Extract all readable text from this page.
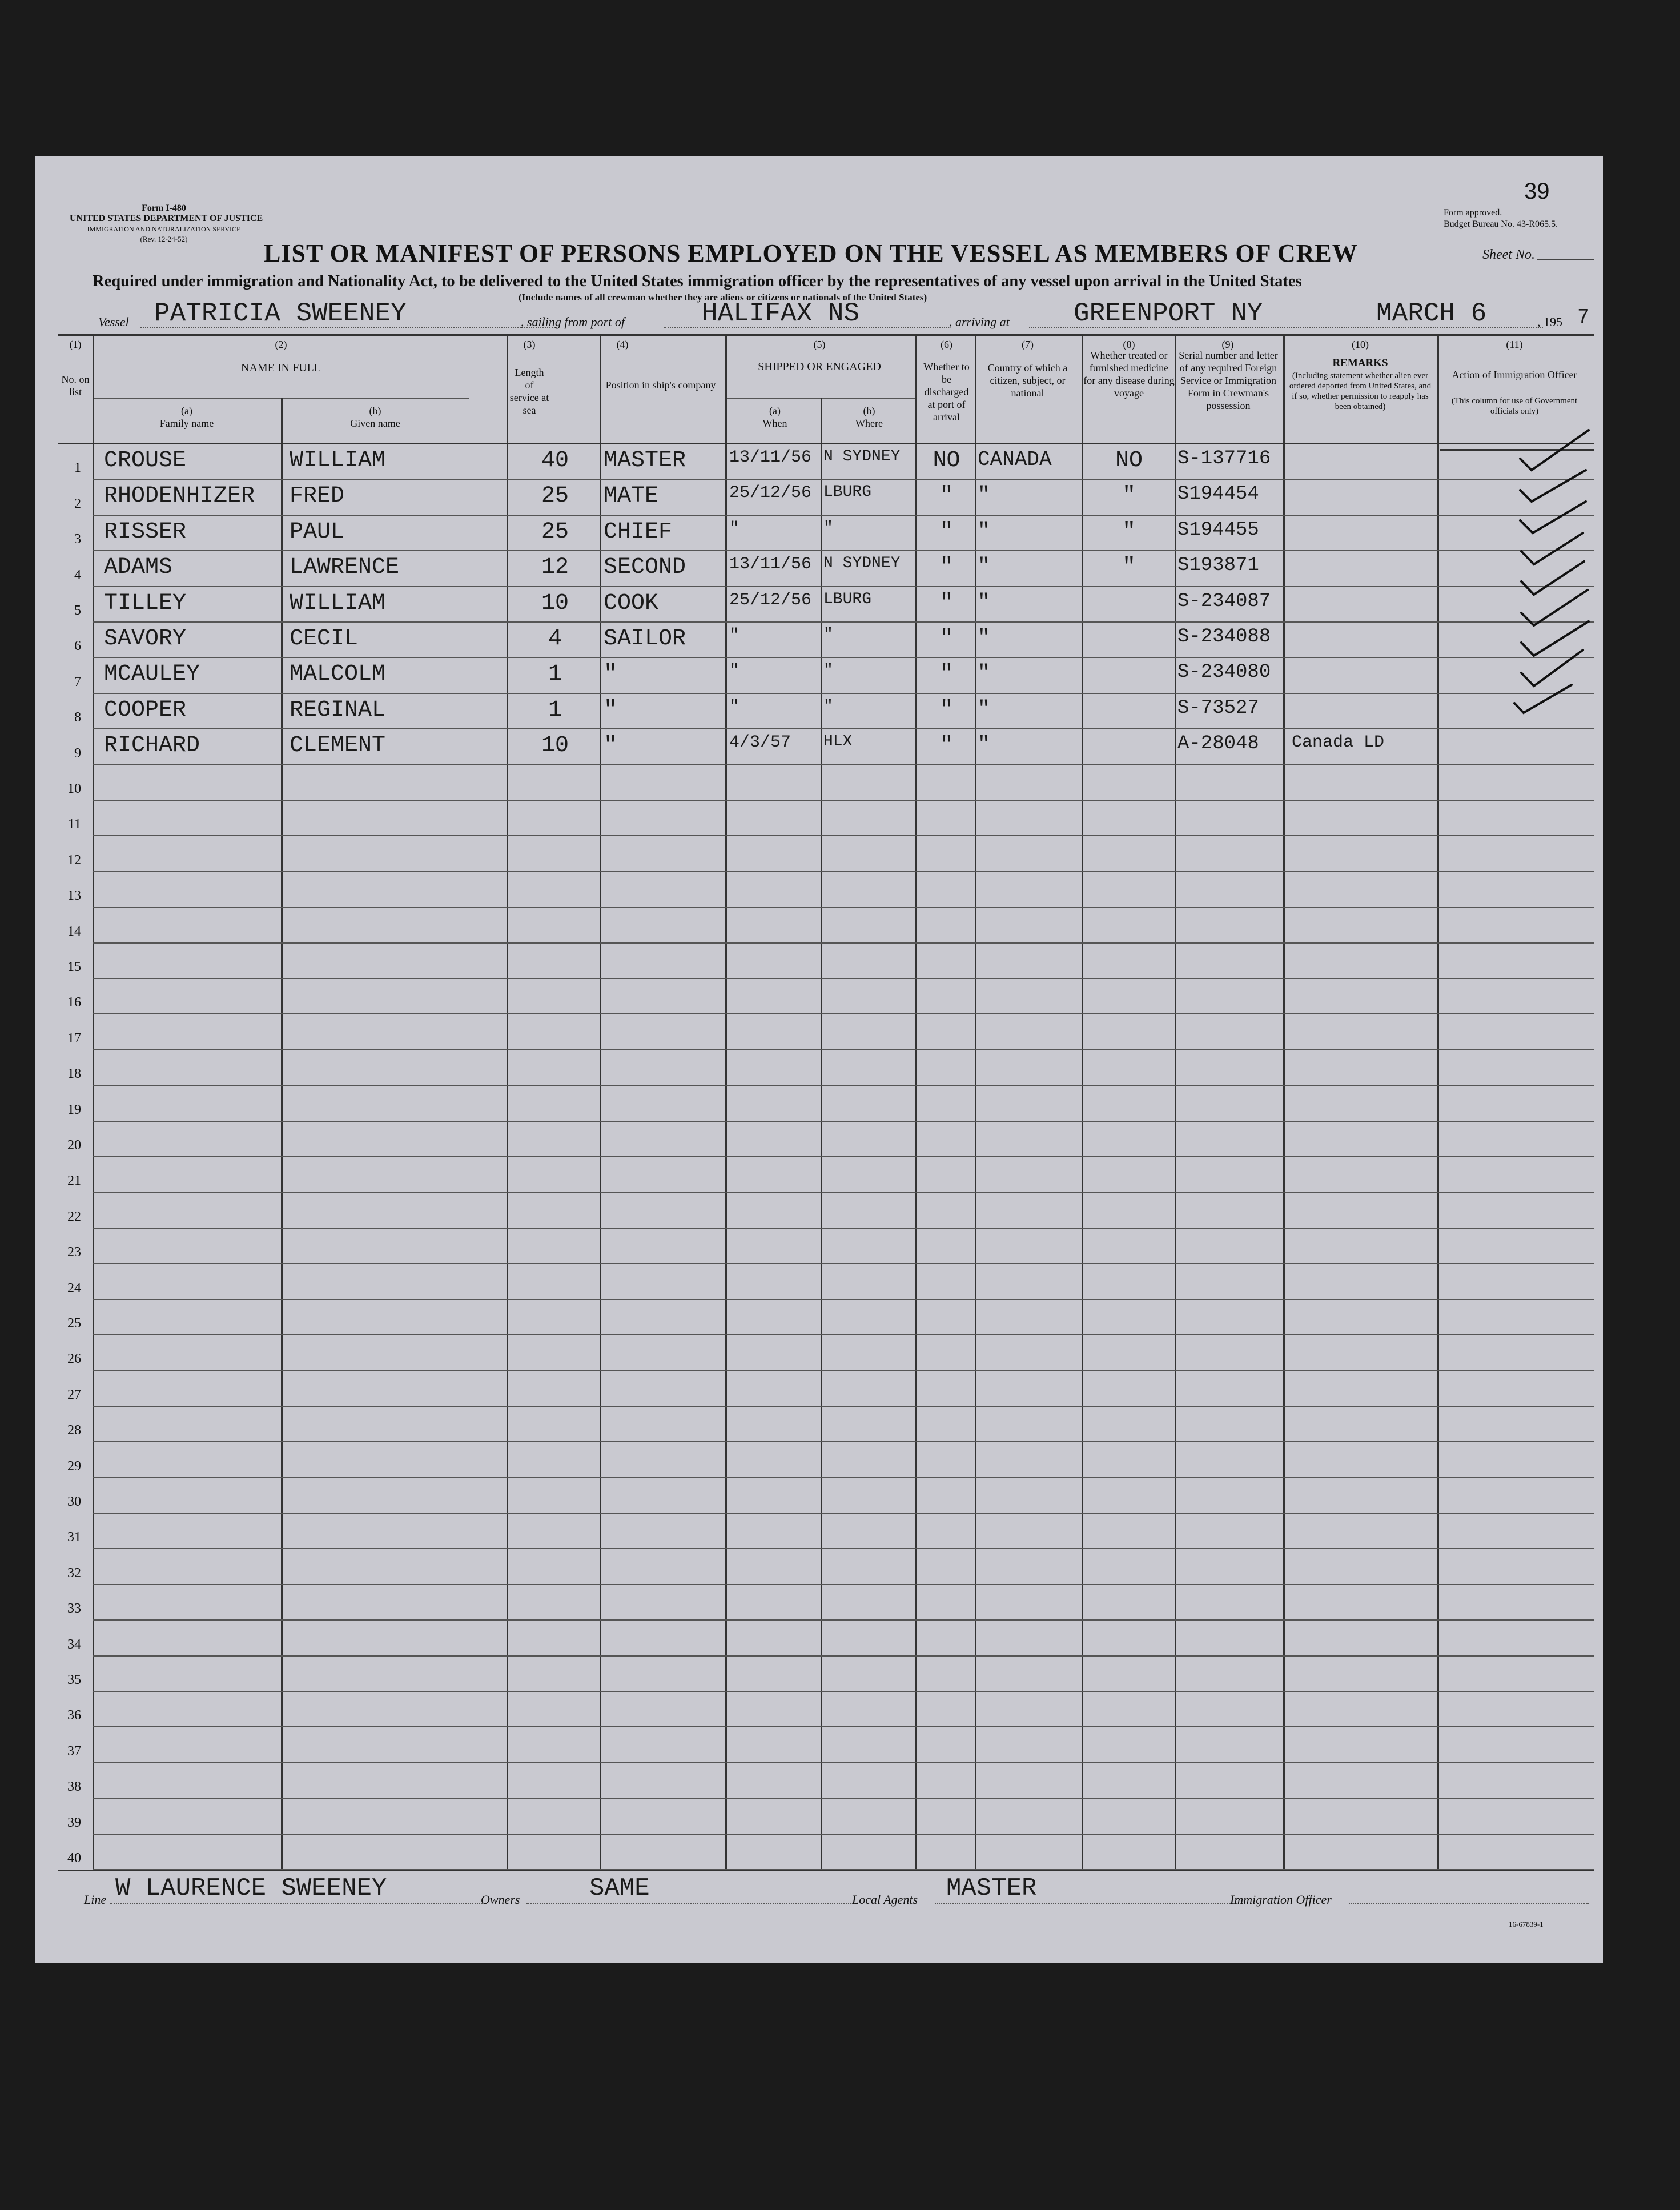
39
Form I-480
UNITED STATES DEPARTMENT OF JUSTICE
IMMIGRATION AND NATURALIZATION SERVICE
(Rev. 12-24-52)
Form approved.
Budget Bureau No. 43-R065.5.
LIST OR MANIFEST OF PERSONS EMPLOYED ON THE VESSEL AS MEMBERS OF CREW	Sheet No.
Required under immigration and Nationality Act, to be delivered to the United States immigration officer by the representatives of any vessel upon arrival in the United States
(Include names of all crewman whether they are aliens or citizens or nationals of the United States)
Vessel PATRICIA SWEENEY	, sailing from port of	HALIFAX NS	, arriving at GREENPORT NY	MARCH 6	, 195 7
(1)
No. on list
(2)
NAME IN FULL
(a)
Family name
(b)
Given name
(3)
Length of service at sea
(4)
Position in ship's company
(5)
SHIPPED OR ENGAGED
(a)
When
(b)
Where
(6)
Whether to be discharged at port of arrival
(7)
Country of which a citizen, subject, or national
(8)
Whether treated or furnished medicine for any disease during voyage
(9)
Serial number and letter of any required Foreign Service or Immigration Form in Crewman's possession
(10)
REMARKS
(Including statement whether alien ever ordered deported from United States, and if so, whether permission to reapply has been obtained)
(11)
Action of Immigration Officer
(This column for use of Government officials only)
1 CROUSE	WILLIAM	40	MASTER	13/11/56 N SYDNEY	NO CANADA	NO	S-137716
2 RHODENHIZER FRED	25	MATE	25/12/56 LBURG	"	"	"	S194454
3 RISSER	PAUL	25	CHIEF	"	"	"	"	"	S194455
4 ADAMS	LAWRENCE	12	SECOND	13/11/56 N SYDNEY	"	"	"	S193871
5 TILLEY	WILLIAM	10	COOK	25/12/56 LBURG	"	"	S-234087
6 SAVORY	CECIL	4	SAILOR	"	"	"	"	S-234088
7 MCAULEY	MALCOLM	1	"	"	"	"	"	S-234080
8 COOPER	REGINAL	1	"	"	"	"	"	S-73527
9 RICHARD	CLEMENT	10	"	4/3/57 HLX	"	"	A-28048 Canada LD
10
11
12
13
14
15
16
17
18
19
20
21
22
23
24
25
26
27
28
29
30
31
32
33
34
35
36
37
38
39
40
Line W LAURENCE SWEENEY	Owners	SAME	Local Agents MASTER	Immigration Officer
16-67839-1
